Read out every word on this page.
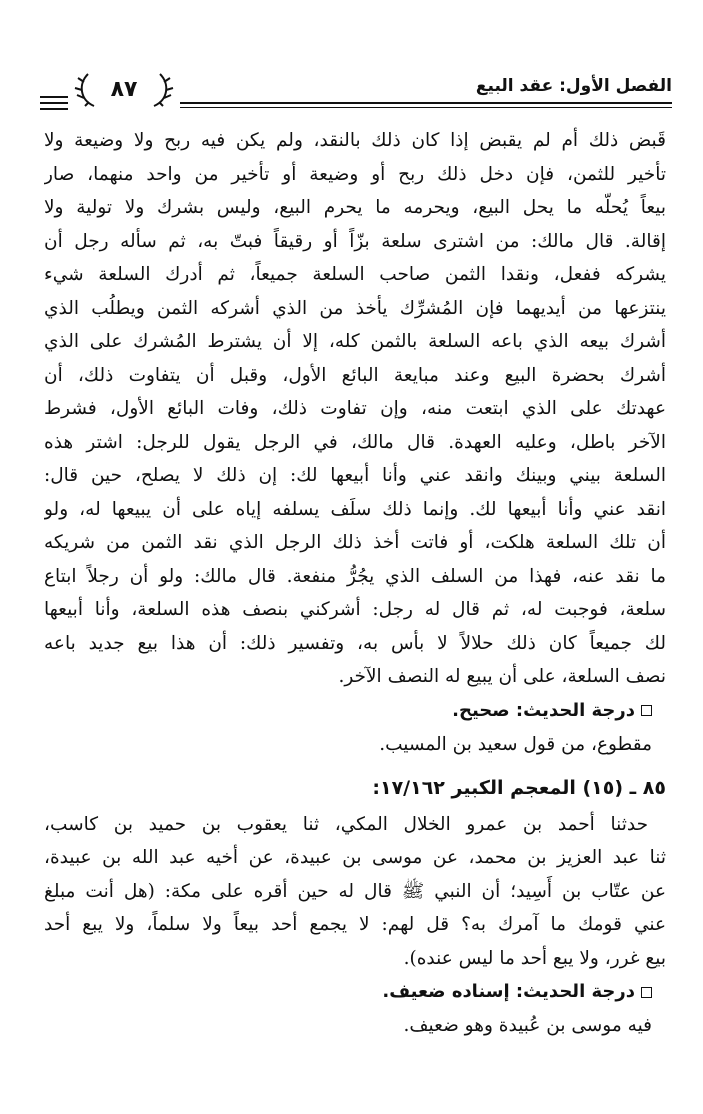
الفصل الأول: عقد البيع
٨٧
قَبض ذلك أم لم يقبض إذا كان ذلك بالنقد، ولم يكن فيه ربح ولا وضيعة ولا
تأخير للثمن، فإن دخل ذلك ربح أو وضيعة أو تأخير من واحد منهما، صار
بيعاً يُحلّه ما يحل البيع، ويحرمه ما يحرم البيع، وليس بشرك ولا تولية ولا
إقالة. قال مالك: من اشترى سلعة بزّاً أو رقيقاً فبتّ به، ثم سأله رجل أن
يشركه ففعل، ونقدا الثمن صاحب السلعة جميعاً، ثم أدرك السلعة شيء
ينتزعها من أيديهما فإن المُشرِّك يأخذ من الذي أشركه الثمن ويطلُب الذي
أشرك بيعه الذي باعه السلعة بالثمن كله، إلا أن يشترط المُشرك على الذي
أشرك بحضرة البيع وعند مبايعة البائع الأول، وقبل أن يتفاوت ذلك، أن
عهدتك على الذي ابتعت منه، وإن تفاوت ذلك، وفات البائع الأول، فشرط
الآخر باطل، وعليه العهدة. قال مالك، في الرجل يقول للرجل: اشتر هذه
السلعة بيني وبينك وانقد عني وأنا أبيعها لك: إن ذلك لا يصلح، حين قال:
انقد عني وأنا أبيعها لك. وإنما ذلك سلَف يسلفه إياه على أن يبيعها له، ولو
أن تلك السلعة هلكت، أو فاتت أخذ ذلك الرجل الذي نقد الثمن من شريكه
ما نقد عنه، فهذا من السلف الذي يجُرُّ منفعة. قال مالك: ولو أن رجلاً ابتاع
سلعة، فوجبت له، ثم قال له رجل: أشركني بنصف هذه السلعة، وأنا أبيعها
لك جميعاً كان ذلك حلالاً لا بأس به، وتفسير ذلك: أن هذا بيع جديد باعه
نصف السلعة، على أن يبيع له النصف الآخر.
درجة الحديث: صحيح.
مقطوع، من قول سعيد بن المسيب.
٨٥ ـ (١٥) المعجم الكبير ١٧/١٦٢:
حدثنا أحمد بن عمرو الخلال المكي، ثنا يعقوب بن حميد بن كاسب،
ثنا عبد العزيز بن محمد، عن موسى بن عبيدة، عن أخيه عبد الله بن عبيدة،
عن عتّاب بن أَسِيد؛ أن النبي ﷺ قال له حين أقره على مكة: (هل أنت مبلغ
عني قومك ما آمرك به؟ قل لهم: لا يجمع أحد بيعاً ولا سلماً، ولا يبع أحد
بيع غرر، ولا يبع أحد ما ليس عنده).
درجة الحديث: إسناده ضعيف.
فيه موسى بن عُبيدة وهو ضعيف.
